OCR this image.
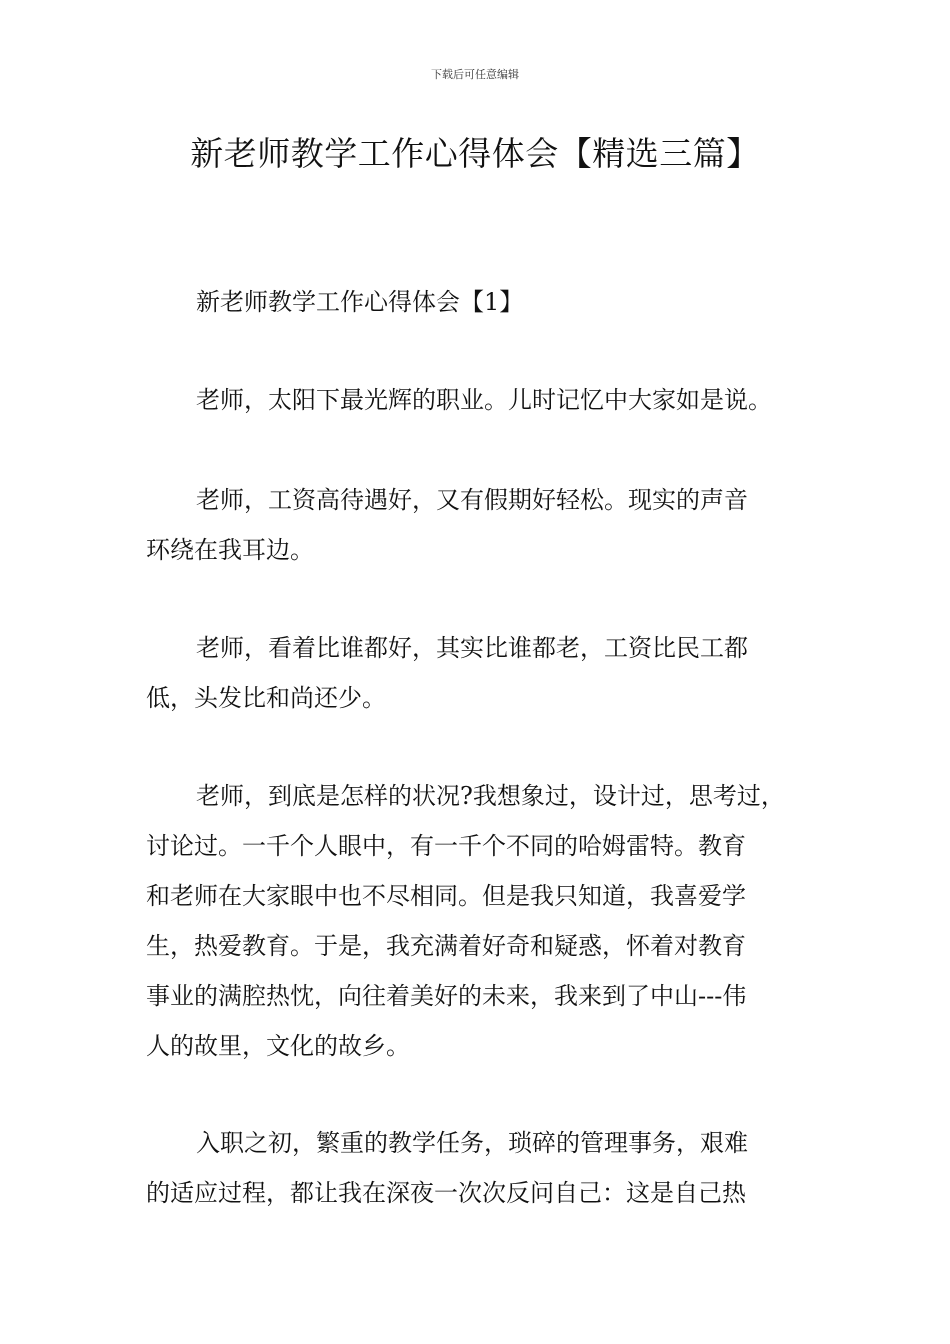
下载后可任意编辑
新老师教学工作心得体会【精选三篇】
新老师教学工作心得体会【1】
老师，太阳下最光辉的职业。儿时记忆中大家如是说。
老师，工资高待遇好，又有假期好轻松。现实的声音
环绕在我耳边。
老师，看着比谁都好，其实比谁都老，工资比民工都
低，头发比和尚还少。
老师，到底是怎样的状况?我想象过，设计过，思考过，
讨论过。一千个人眼中，有一千个不同的哈姆雷特。教育
和老师在大家眼中也不尽相同。但是我只知道，我喜爱学
生，热爱教育。于是，我充满着好奇和疑惑，怀着对教育
事业的满腔热忱，向往着美好的未来，我来到了中山---伟
人的故里，文化的故乡。
入职之初，繁重的教学任务，琐碎的管理事务，艰难
的适应过程，都让我在深夜一次次反问自己：这是自己热
